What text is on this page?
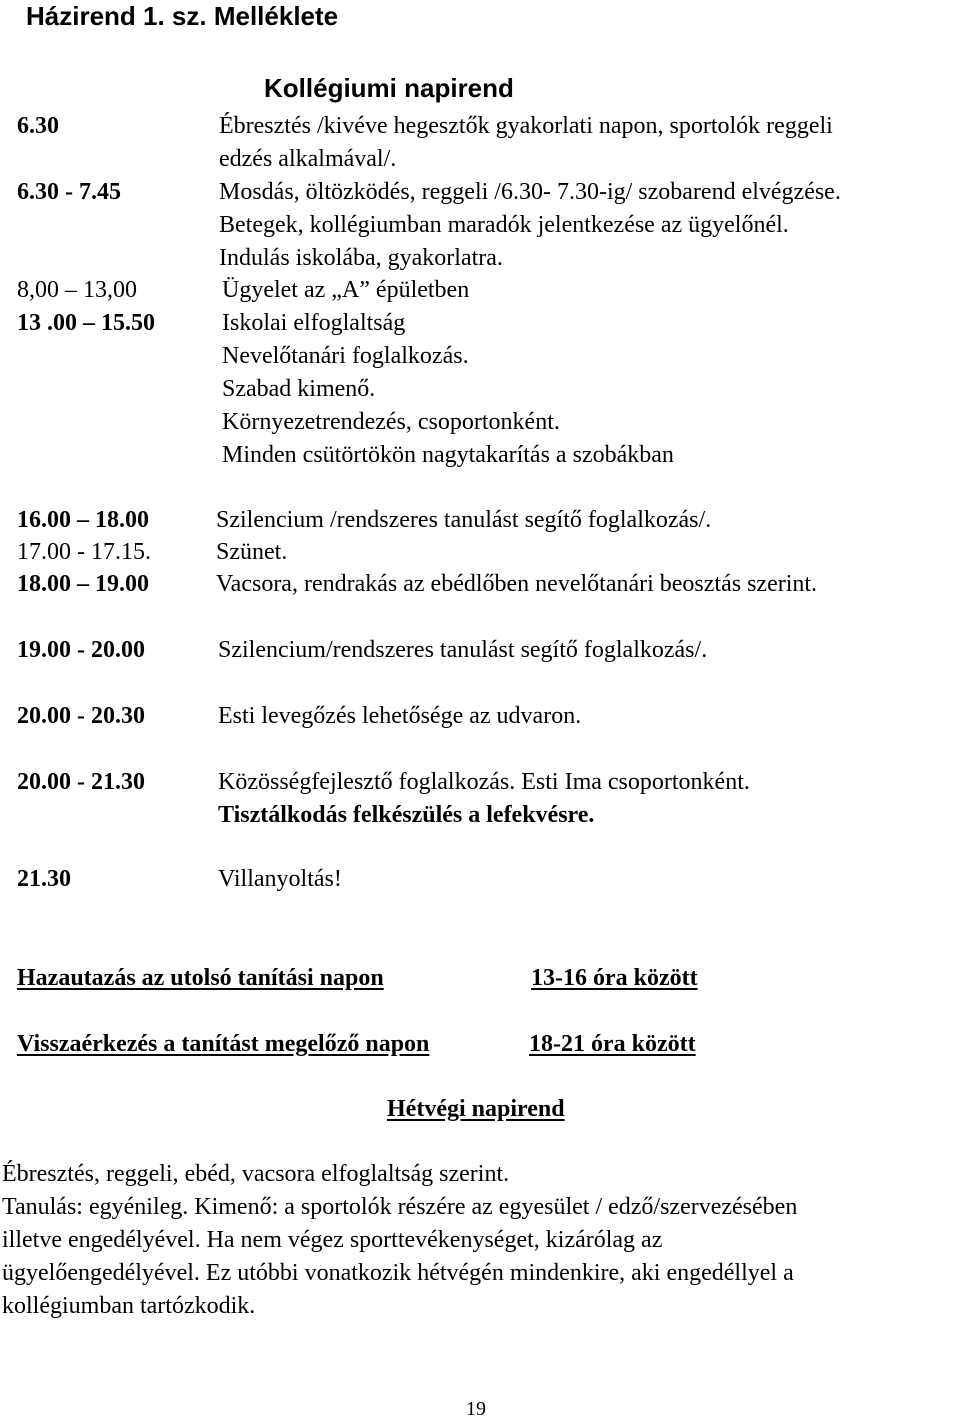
Házirend 1. sz. Melléklete
Kollégiumi napirend
6.30	Ébresztés /kivéve hegesztők gyakorlati napon, sportolók reggeli
edzés alkalmával/.
6.30 - 7.45	Mosdás, öltözködés, reggeli /6.30- 7.30-ig/ szobarend elvégzése.
Betegek, kollégiumban maradók jelentkezése az ügyelőnél.
Indulás iskolába, gyakorlatra.
8,00 – 13,00	Ügyelet az „A” épületben
13 .00 – 15.50	Iskolai elfoglaltság
Nevelőtanári foglalkozás.
Szabad kimenő.
Környezetrendezés, csoportonként.
Minden csütörtökön nagytakarítás a szobákban
16.00 – 18.00	Szilencium /rendszeres tanulást segítő foglalkozás/.
17.00 - 17.15.	Szünet.
18.00 – 19.00	Vacsora, rendrakás az ebédlőben nevelőtanári beosztás szerint.
19.00 - 20.00	Szilencium/rendszeres tanulást segítő foglalkozás/.
20.00 - 20.30	Esti levegőzés lehetősége az udvaron.
20.00 - 21.30	Közösségfejlesztő foglalkozás. Esti Ima csoportonként.
Tisztálkodás felkészülés a lefekvésre.
21.30	Villanyoltás!
Hazautazás az utolsó tanítási napon	13-16 óra között
Visszaérkezés a tanítást megelőző napon	18-21 óra között
Hétvégi napirend
Ébresztés, reggeli, ebéd, vacsora elfoglaltság szerint.
Tanulás: egyénileg. Kimenő: a sportolók részére az egyesület / edző/szervezésében
illetve engedélyével. Ha nem végez sporttevékenységet, kizárólag az
ügyelőengedélyével. Ez utóbbi vonatkozik hétvégén mindenkire, aki engedéllyel a
kollégiumban tartózkodik.
19
